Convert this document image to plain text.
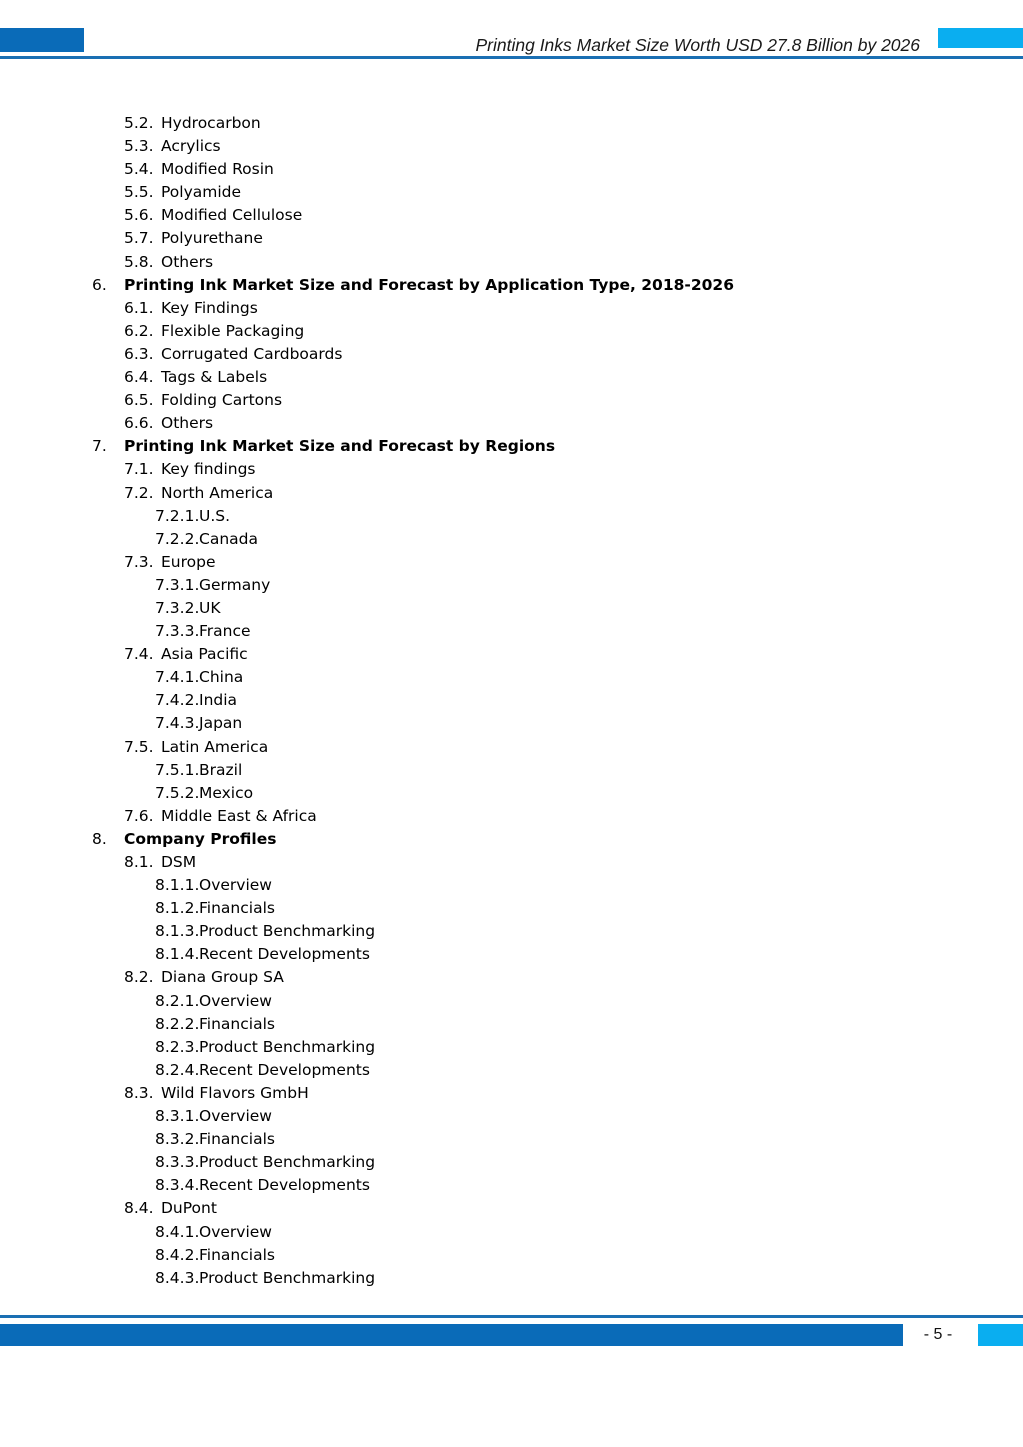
Printing Inks Market Size Worth USD 27.8 Billion by 2026
5.2. Hydrocarbon
5.3. Acrylics
5.4. Modified Rosin
5.5. Polyamide
5.6. Modified Cellulose
5.7. Polyurethane
5.8. Others
6. Printing Ink Market Size and Forecast by Application Type, 2018-2026
6.1. Key Findings
6.2. Flexible Packaging
6.3. Corrugated Cardboards
6.4. Tags & Labels
6.5. Folding Cartons
6.6. Others
7. Printing Ink Market Size and Forecast by Regions
7.1. Key findings
7.2. North America
7.2.1. U.S.
7.2.2. Canada
7.3. Europe
7.3.1. Germany
7.3.2. UK
7.3.3. France
7.4. Asia Pacific
7.4.1. China
7.4.2. India
7.4.3. Japan
7.5. Latin America
7.5.1. Brazil
7.5.2. Mexico
7.6. Middle East & Africa
8. Company Profiles
8.1. DSM
8.1.1. Overview
8.1.2. Financials
8.1.3. Product Benchmarking
8.1.4. Recent Developments
8.2. Diana Group SA
8.2.1. Overview
8.2.2. Financials
8.2.3. Product Benchmarking
8.2.4. Recent Developments
8.3. Wild Flavors GmbH
8.3.1. Overview
8.3.2. Financials
8.3.3. Product Benchmarking
8.3.4. Recent Developments
8.4. DuPont
8.4.1. Overview
8.4.2. Financials
8.4.3. Product Benchmarking
- 5 -
